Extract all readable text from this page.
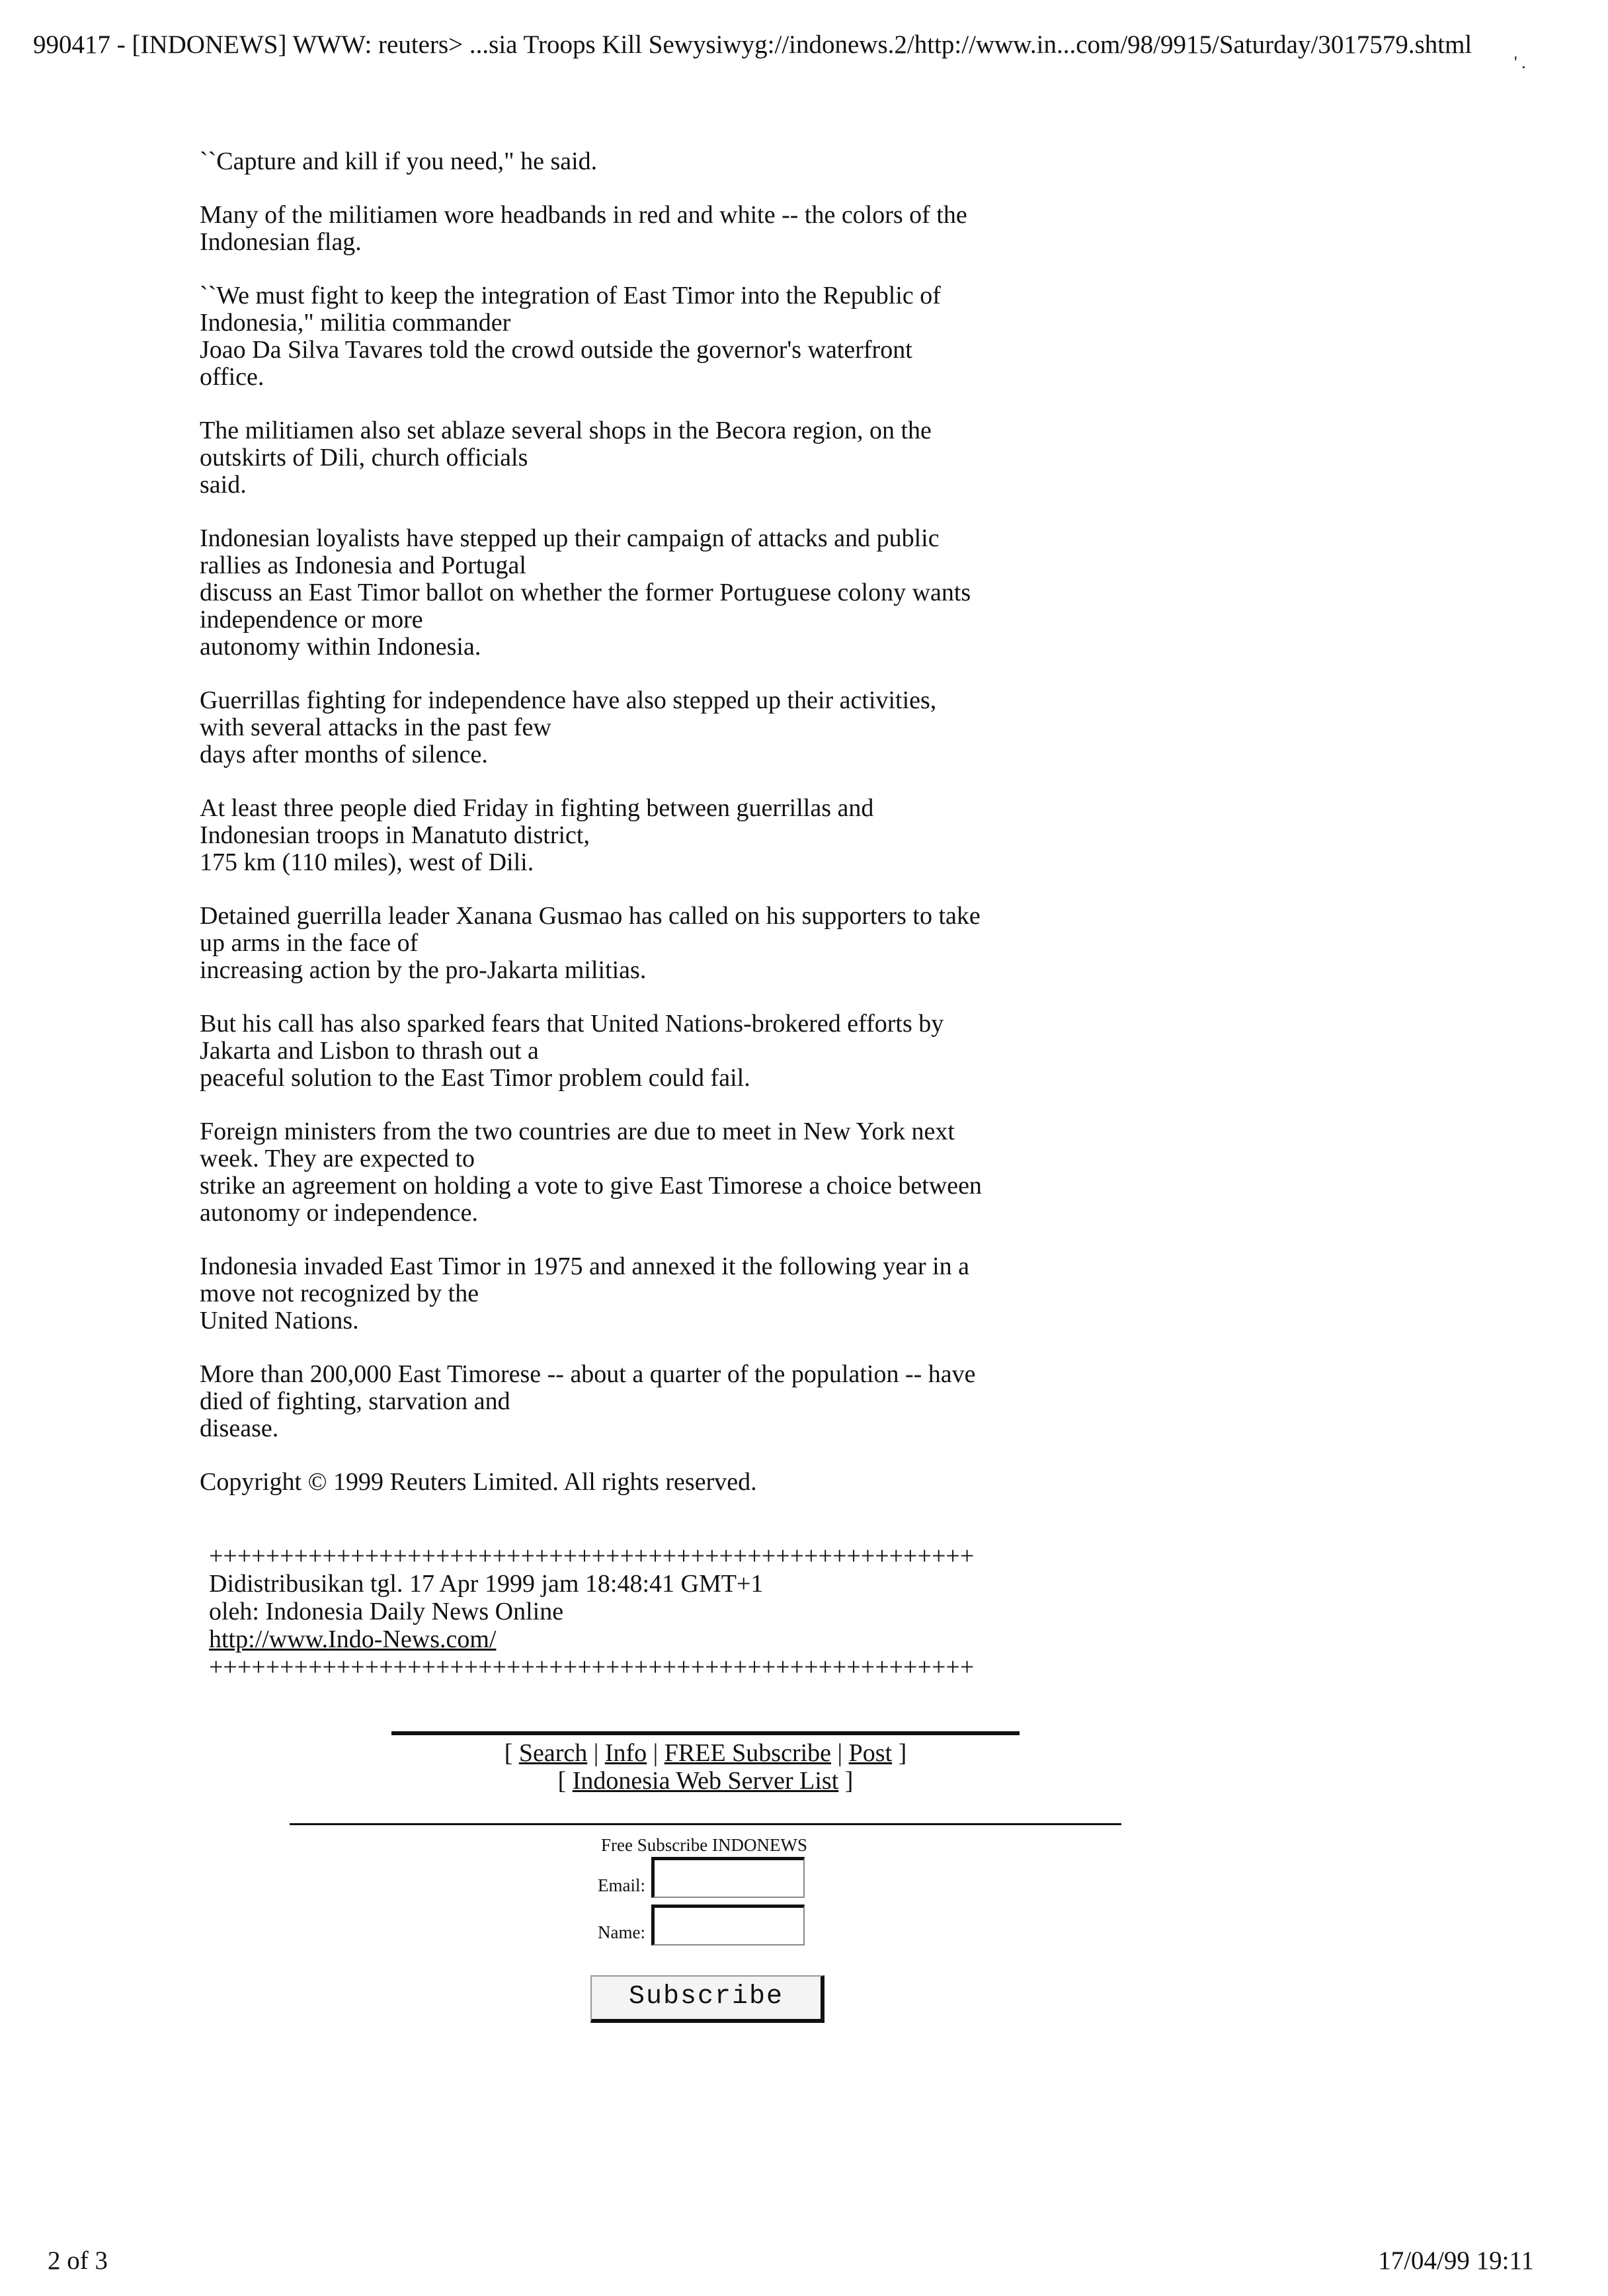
990417 - [INDONEWS] WWW: reuters> ...sia Troops Kill Sewysiwyg://indonews.2/http://www.in...com/98/9915/Saturday/3017579.shtml
' .

``Capture and kill if you need," he said.

Many of the militiamen wore headbands in red and white -- the colors of the
Indonesian flag.

``We must fight to keep the integration of East Timor into the Republic of
Indonesia," militia commander
Joao Da Silva Tavares told the crowd outside the governor's waterfront
office.

The militiamen also set ablaze several shops in the Becora region, on the
outskirts of Dili, church officials
said.

Indonesian loyalists have stepped up their campaign of attacks and public
rallies as Indonesia and Portugal
discuss an East Timor ballot on whether the former Portuguese colony wants
independence or more
autonomy within Indonesia.

Guerrillas fighting for independence have also stepped up their activities,
with several attacks in the past few
days after months of silence.

At least three people died Friday in fighting between guerrillas and
Indonesian troops in Manatuto district,
175 km (110 miles), west of Dili.

Detained guerrilla leader Xanana Gusmao has called on his supporters to take
up arms in the face of
increasing action by the pro-Jakarta militias.

But his call has also sparked fears that United Nations-brokered efforts by
Jakarta and Lisbon to thrash out a
peaceful solution to the East Timor problem could fail.

Foreign ministers from the two countries are due to meet in New York next
week. They are expected to
strike an agreement on holding a vote to give East Timorese a choice between
autonomy or independence.

Indonesia invaded East Timor in 1975 and annexed it the following year in a
move not recognized by the
United Nations.

More than 200,000 East Timorese -- about a quarter of the population -- have
died of fighting, starvation and
disease.

Copyright © 1999 Reuters Limited. All rights reserved.

++++++++++++++++++++++++++++++++++++++++++++++++++++++
Didistribusikan tgl. 17 Apr 1999 jam 18:48:41 GMT+1
oleh: Indonesia Daily News Online
http://www.Indo-News.com/
++++++++++++++++++++++++++++++++++++++++++++++++++++++
[ Search | Info | FREE Subscribe | Post ]
[ Indonesia Web Server List ]
Free Subscribe INDONEWS
Email:
Name:
Subscribe
2 of 3	17/04/99 19:11
